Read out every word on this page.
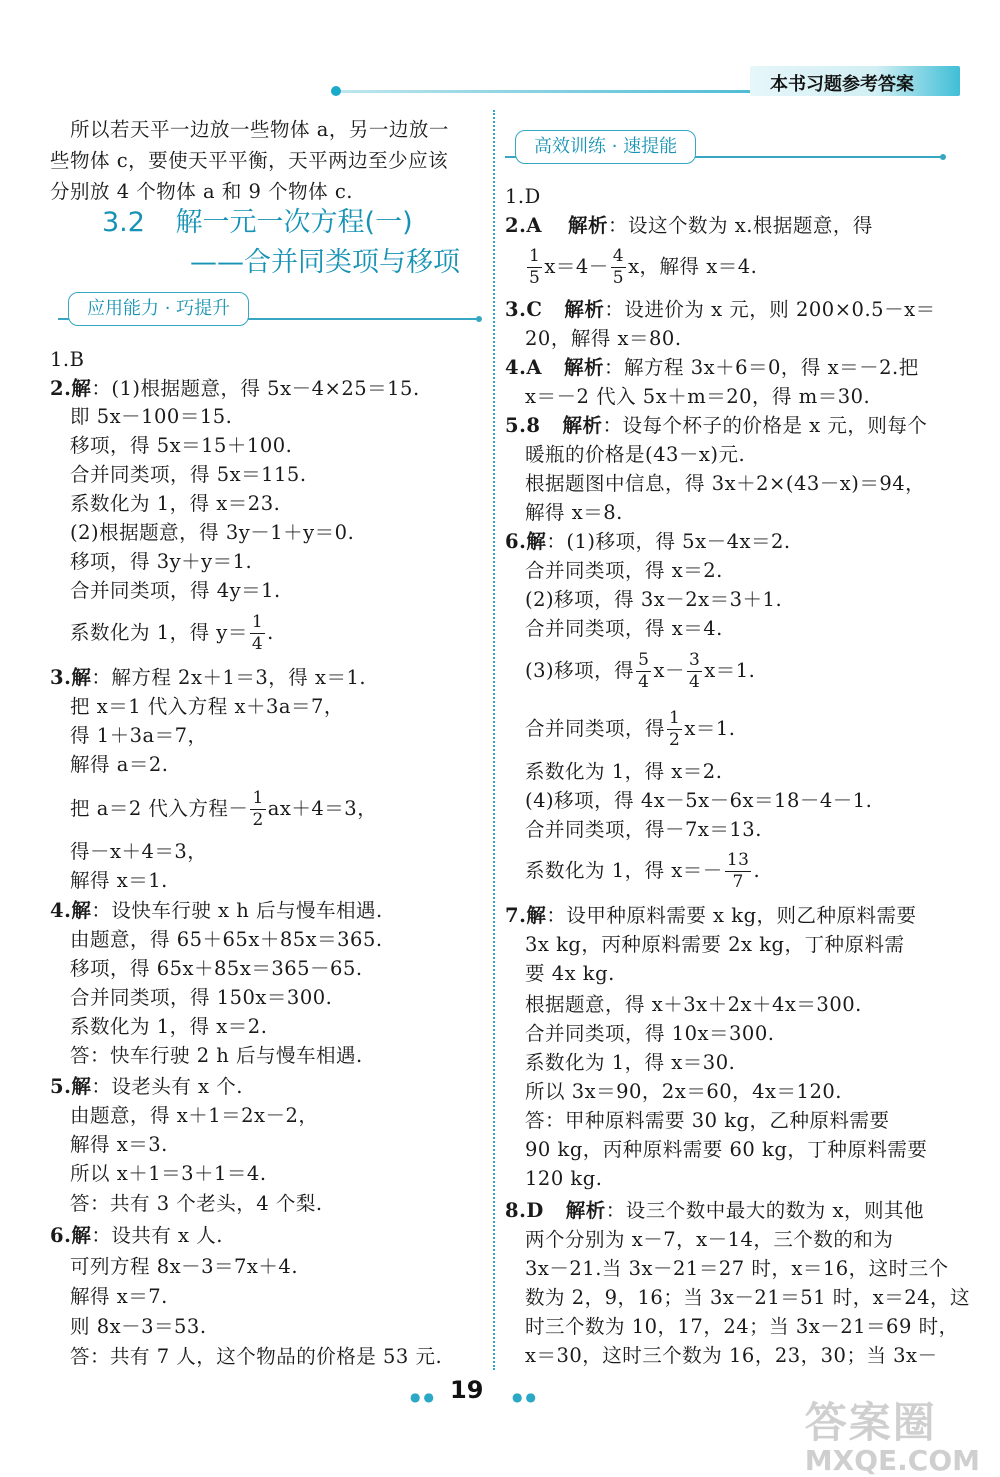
本书习题参考答案
所以若天平一边放一些物体 a，另一边放一
些物体 c，要使天平平衡，天平两边至少应该
分别放 4 个物体 a 和 9 个物体 c.
3.2 解一元一次方程(一)
——合并同类项与移项
应用能力 · 巧提升
1.B
2.解：(1)根据题意，得 5x－4×25＝15.
即 5x－100＝15.
移项，得 5x＝15＋100.
合并同类项，得 5x＝115.
系数化为 1，得 x＝23.
(2)根据题意，得 3y－1＋y＝0.
移项，得 3y＋y＝1.
合并同类项，得 4y＝1.
系数化为 1，得 $y= \frac{1}{4}$ .
3.解：解方程 2x＋1＝3，得 x＝1.
把 x＝1 代入方程 x＋3a＝7，
得 1＋3a＝7，
解得 a＝2.
把 a＝2 代入方程－ $\frac{1}{2} ax+4=3$，
得－x＋4＝3，
解得 x＝1.
4.解：设快车行驶 x h 后与慢车相遇.
由题意，得 65＋65x＋85x＝365.
移项，得 65x＋85x＝365－65.
合并同类项，得 150x＝300.
系数化为 1，得 x＝2.
答：快车行驶 2 h 后与慢车相遇.
5.解：设老头有 x 个.
由题意，得 x＋1＝2x－2，
解得 x＝3.
所以 x＋1＝3＋1＝4.
答：共有 3 个老头，4 个梨.
6.解：设共有 x 人.
可列方程 8x－3＝7x＋4.
解得 x＝7.
则 8x－3＝53.
答：共有 7 人，这个物品的价格是 53 元.
高效训练 · 速提能
1.D
2.A 解析：设这个数为 x.根据题意，得
$\frac{1}{5} x=4- \frac{4}{5}$ x，解得 x＝4.
3.C 解析：设进价为 x 元，则 200×0.5－x＝
20，解得 x＝80.
4.A 解析：解方程 3x＋6＝0，得 x＝－2.把
x＝－2 代入 5x＋m＝20，得 m＝30.
5.8 解析：设每个杯子的价格是 x 元，则每个
暖瓶的价格是(43－x)元.
根据题图中信息，得 3x＋2×(43－x)＝94，
解得 x＝8.
6.解：(1)移项，得 5x－4x＝2.
合并同类项，得 x＝2.
(2)移项，得 3x－2x＝3＋1.
合并同类项，得 x＝4.
(3)移项，得 $\frac{5}{4} x- \frac{3}{4} x=1$.
合并同类项，得 $\frac{1}{2} x=1$.
系数化为 1，得 x＝2.
(4)移项，得 4x－5x－6x＝18－4－1.
合并同类项，得－7x＝13.
系数化为 1，得 $x=- \frac{13}{7}$ .
7.解：设甲种原料需要 x kg，则乙种原料需要
3x kg，丙种原料需要 2x kg，丁种原料需
要 4x kg.
根据题意，得 x＋3x＋2x＋4x＝300.
合并同类项，得 10x＝300.
系数化为 1，得 x＝30.
所以 3x＝90，2x＝60，4x＝120.
答：甲种原料需要 30 kg，乙种原料需要
90 kg，丙种原料需要 60 kg，丁种原料需要
120 kg.
8.D 解析：设三个数中最大的数为 x，则其他
两个分别为 x－7，x－14，三个数的和为
3x－21.当 3x－21＝27 时，x＝16，这时三个
数为 2，9，16；当 3x－21＝51 时，x＝24，这
时三个数为 10，17，24；当 3x－21＝69 时，
x＝30，这时三个数为 16，23，30；当 3x－
●● 19 ●●
答案圈
MXQE.COM
